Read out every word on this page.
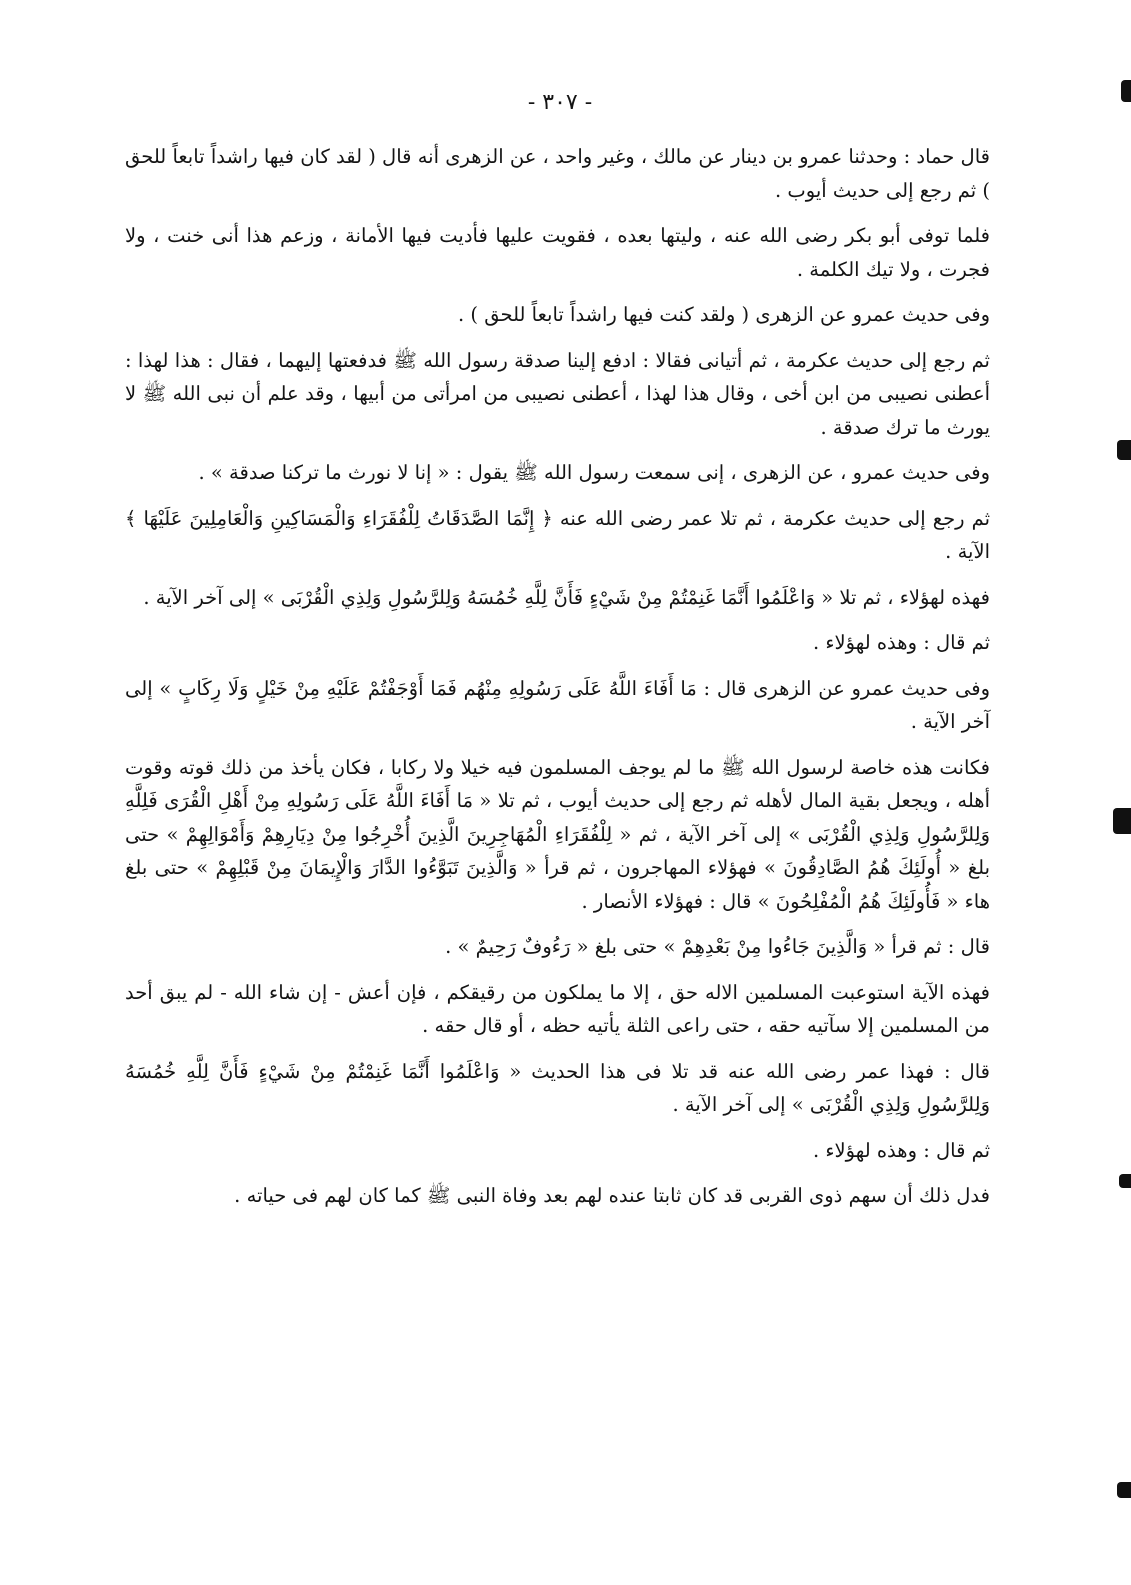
- ٣٠٧ -

قال حماد : وحدثنا عمرو بن دينار عن مالك ، وغير واحد ، عن الزهرى أنه قال ( لقد كان فيها راشداً تابعاً للحق ) ثم رجع إلى حديث أيوب .

فلما توفى أبو بكر رضى الله عنه ، وليتها بعده ، فقويت عليها فأديت فيها الأمانة ، وزعم هذا أنى خنت ، ولا فجرت ، ولا تيك الكلمة .

وفى حديث عمرو عن الزهرى ( ولقد كنت فيها راشداً تابعاً للحق ) .

ثم رجع إلى حديث عكرمة ، ثم أتيانى فقالا : ادفع إلينا صدقة رسول الله ﷺ فدفعتها إليهما ، فقال : هذا لهذا : أعطنى نصيبى من ابن أخى ، وقال هذا لهذا ، أعطنى نصيبى من امرأتى من أبيها ، وقد علم أن نبى الله ﷺ لا يورث ما ترك صدقة .

وفى حديث عمرو ، عن الزهرى ، إنى سمعت رسول الله ﷺ يقول : « إنا لا نورث ما تركنا صدقة » .

ثم رجع إلى حديث عكرمة ، ثم تلا عمر رضى الله عنه ﴿ إِنَّمَا الصَّدَقَاتُ لِلْفُقَرَاءِ وَالْمَسَاكِينِ وَالْعَامِلِينَ عَلَيْهَا ﴾ الآية .

فهذه لهؤلاء ، ثم تلا « وَاعْلَمُوا أَنَّمَا غَنِمْتُمْ مِنْ شَيْءٍ فَأَنَّ لِلَّهِ خُمُسَهُ وَلِلرَّسُولِ وَلِذِي الْقُرْبَى » إلى آخر الآية .

ثم قال : وهذه لهؤلاء .

وفى حديث عمرو عن الزهرى قال : مَا أَفَاءَ اللَّهُ عَلَى رَسُولِهِ مِنْهُم فَمَا أَوْجَفْتُمْ عَلَيْهِ مِنْ خَيْلٍ وَلَا رِكَابٍ » إلى آخر الآية .

فكانت هذه خاصة لرسول الله ﷺ ما لم يوجف المسلمون فيه خيلا ولا ركابا ، فكان يأخذ من ذلك قوته وقوت أهله ، ويجعل بقية المال لأهله ثم رجع إلى حديث أيوب ، ثم تلا « مَا أَفَاءَ اللَّهُ عَلَى رَسُولِهِ مِنْ أَهْلِ الْقُرَى فَلِلَّهِ وَلِلرَّسُولِ وَلِذِي الْقُرْبَى » إلى آخر الآية ، ثم « لِلْفُقَرَاءِ الْمُهَاجِرِينَ الَّذِينَ أُخْرِجُوا مِنْ دِيَارِهِمْ وَأَمْوَالِهِمْ » حتى بلغ « أُولَئِكَ هُمُ الصَّادِقُونَ » فهؤلاء المهاجرون ، ثم قرأ « وَالَّذِينَ تَبَوَّءُوا الدَّارَ وَالْإِيمَانَ مِنْ قَبْلِهِمْ » حتى بلغ هاء « فَأُولَئِكَ هُمُ الْمُفْلِحُونَ » قال : فهؤلاء الأنصار .

قال : ثم قرأ « وَالَّذِينَ جَاءُوا مِنْ بَعْدِهِمْ » حتى بلغ « رَءُوفٌ رَحِيمٌ » .

فهذه الآية استوعبت المسلمين الاله حق ، إلا ما يملكون من رقيقكم ، فإن أعش - إن شاء الله - لم يبق أحد من المسلمين إلا سآتيه حقه ، حتى راعى الثلة يأتيه حظه ، أو قال حقه .

قال : فهذا عمر رضى الله عنه قد تلا فى هذا الحديث « وَاعْلَمُوا أَنَّمَا غَنِمْتُمْ مِنْ شَيْءٍ فَأَنَّ لِلَّهِ خُمُسَهُ وَلِلرَّسُولِ وَلِذِي الْقُرْبَى » إلى آخر الآية .

ثم قال : وهذه لهؤلاء .

فدل ذلك أن سهم ذوى القربى قد كان ثابتا عنده لهم بعد وفاة النبى ﷺ كما كان لهم فى حياته .
